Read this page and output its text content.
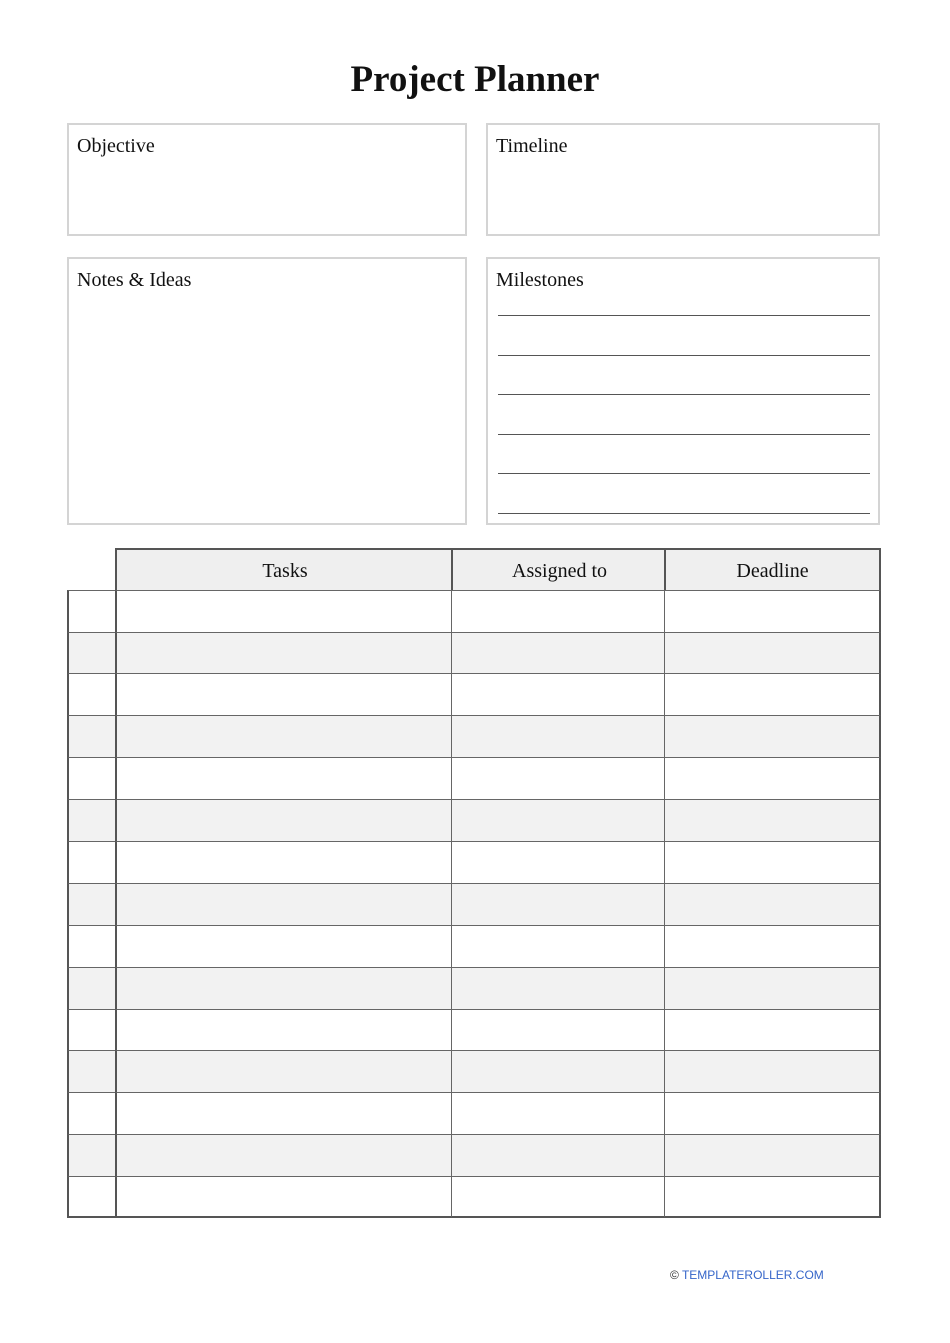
Project Planner
Objective	Timeline
Notes & Ideas	Milestones
Tasks	Assigned to	Deadline
© TEMPLATEROLLER.COM
